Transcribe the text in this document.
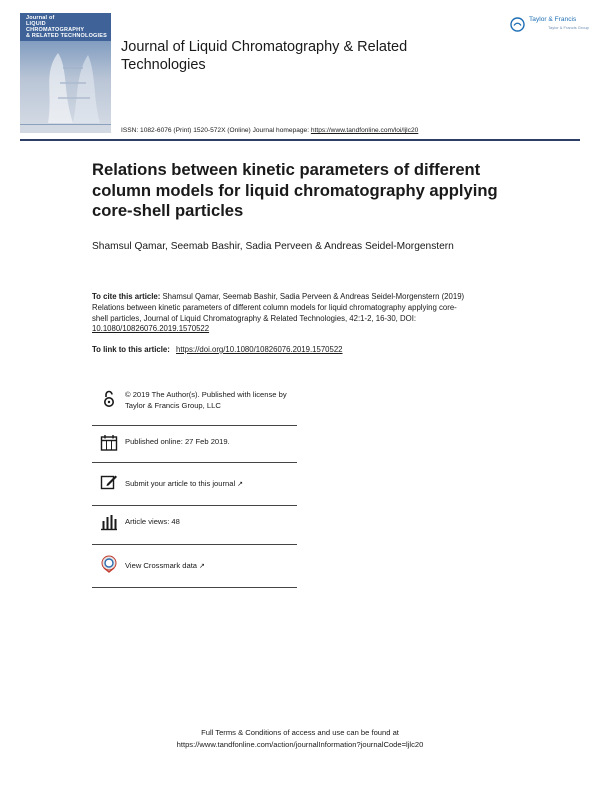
Journal of
LIQUID
CHROMATOGRAPHY
& RELATED TECHNOLOGIES
Journal of Liquid Chromatography & Related Technologies
Taylor & Francis
Taylor & Francis Group
ISSN: 1082-6076 (Print) 1520-572X (Online) Journal homepage: https://www.tandfonline.com/loi/ljlc20
Relations between kinetic parameters of different column models for liquid chromatography applying core-shell particles
Shamsul Qamar, Seemab Bashir, Sadia Perveen & Andreas Seidel-Morgenstern
To cite this article: Shamsul Qamar, Seemab Bashir, Sadia Perveen & Andreas Seidel-Morgenstern (2019) Relations between kinetic parameters of different column models for liquid chromatography applying core-shell particles, Journal of Liquid Chromatography & Related Technologies, 42:1-2, 16-30, DOI: 10.1080/10826076.2019.1570522
To link to this article: https://doi.org/10.1080/10826076.2019.1570522
© 2019 The Author(s). Published with license by Taylor & Francis Group, LLC
Published online: 27 Feb 2019.
Submit your article to this journal ↗
Article views: 48
View Crossmark data ↗
Full Terms & Conditions of access and use can be found at
https://www.tandfonline.com/action/journalInformation?journalCode=ljlc20
